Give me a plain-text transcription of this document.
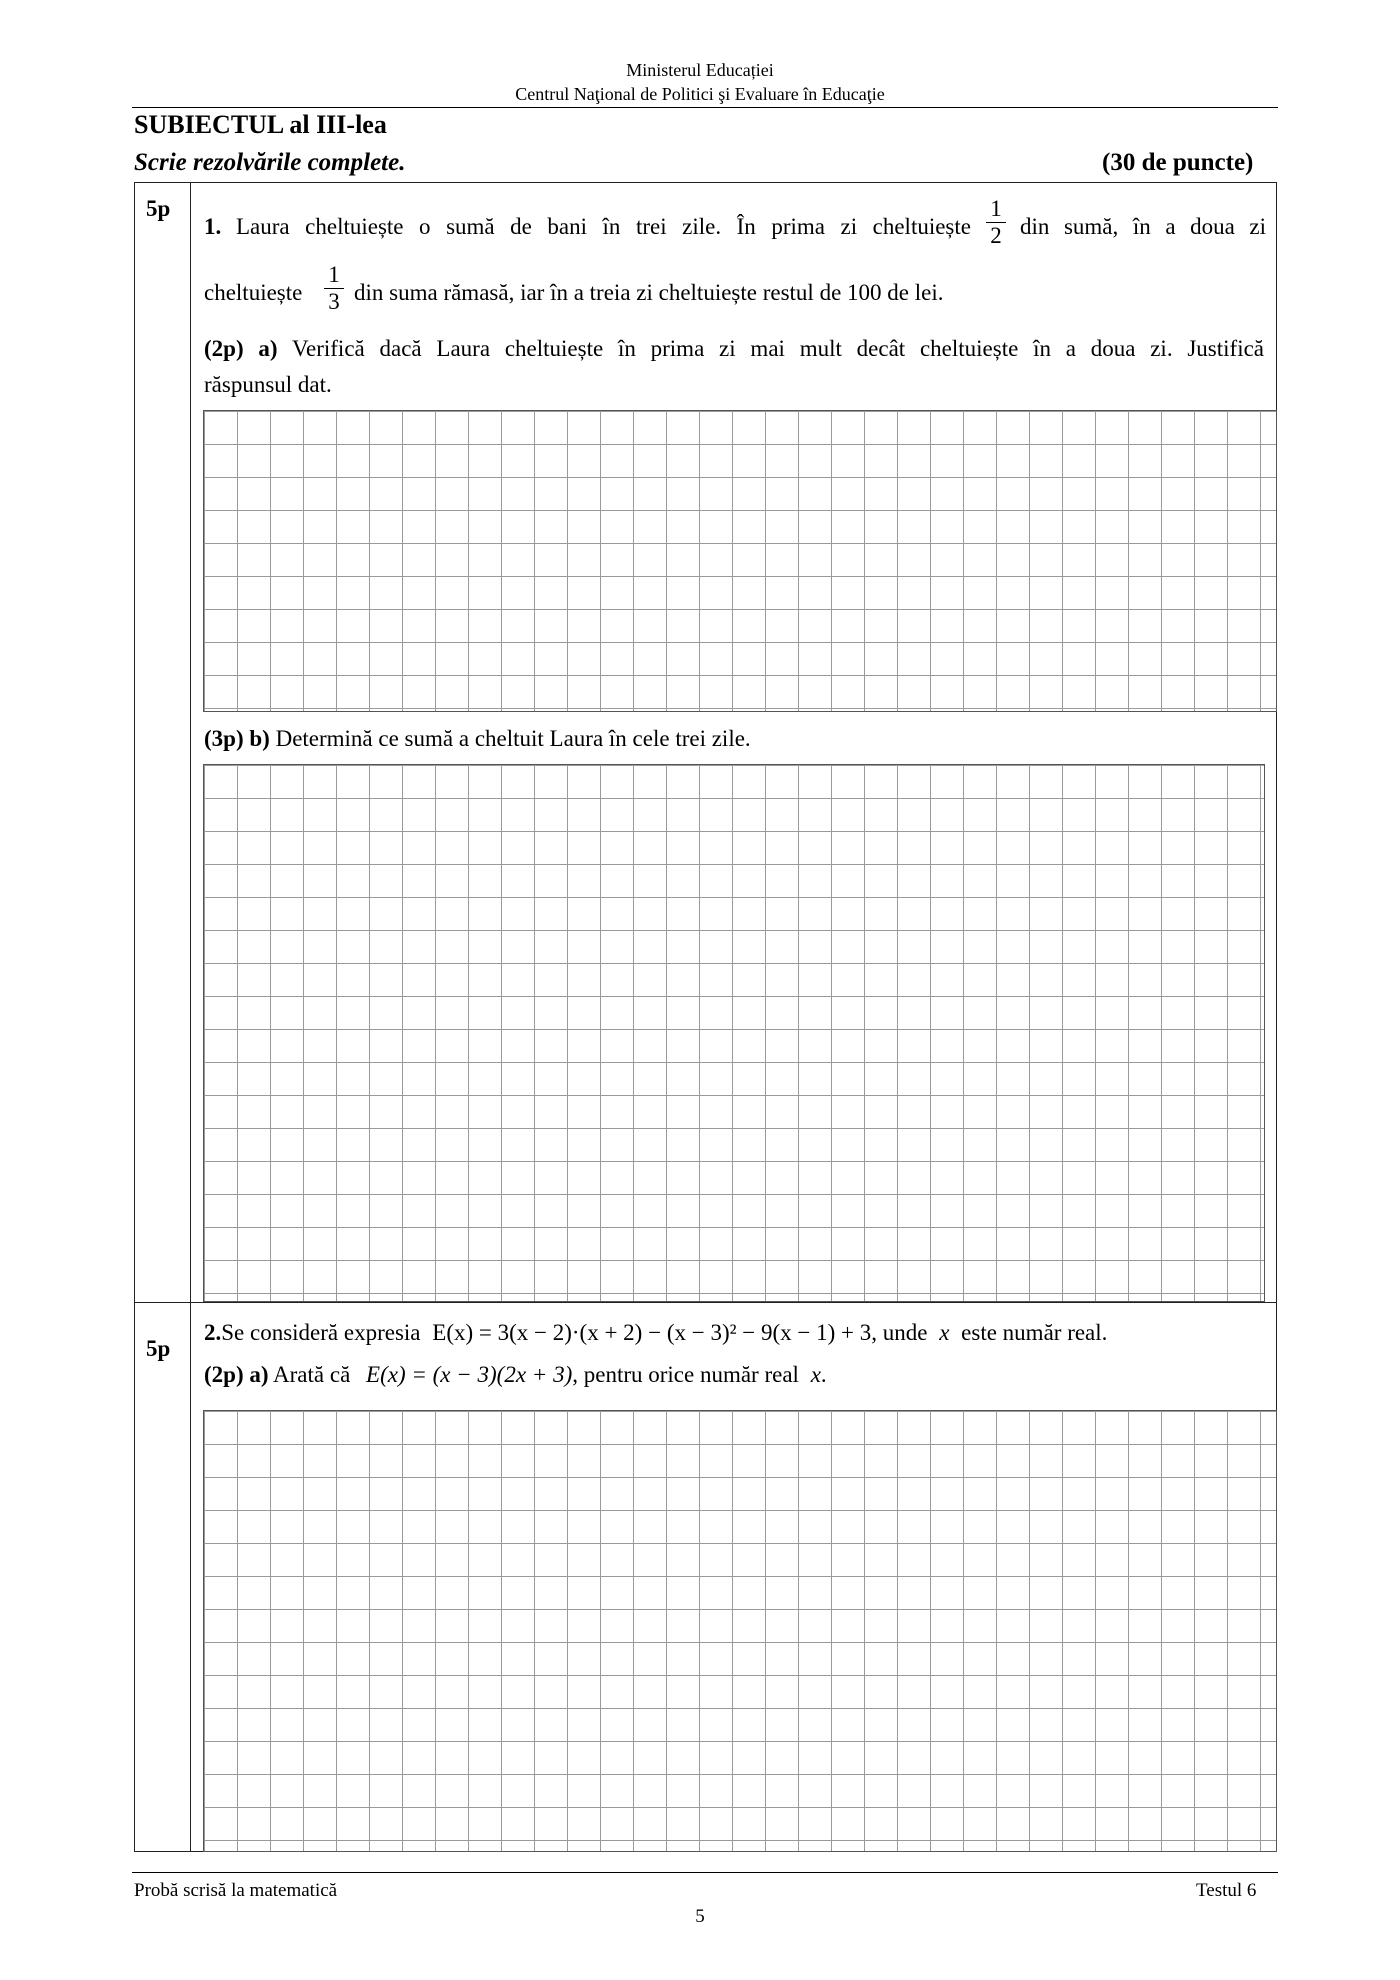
Ministerul Educației
Centrul Naţional de Politici şi Evaluare în Educaţie
SUBIECTUL al III-lea
Scrie rezolvările complete.	(30 de puncte)
5p
1. Laura cheltuiește o sumă de bani în trei zile. În prima zi cheltuiește
1
2 din sumă, în a doua zi
cheltuiește
1
3 din suma rămasă, iar în a treia zi cheltuiește restul de 100 de lei.
(2p) a) Verifică dacă Laura cheltuiește în prima zi mai mult decât cheltuiește în a doua zi. Justifică
răspunsul dat.
(3p) b) Determină ce sumă a cheltuit Laura în cele trei zile.
5p
2.Se consideră expresia E(x) = 3(x − 2)·(x + 2) − (x − 3)² − 9(x − 1) + 3, unde x este număr real.
(2p) a) Arată că E(x) = (x − 3)(2x + 3), pentru orice număr real x.
Probă scrisă la matematică	Testul 6
5
